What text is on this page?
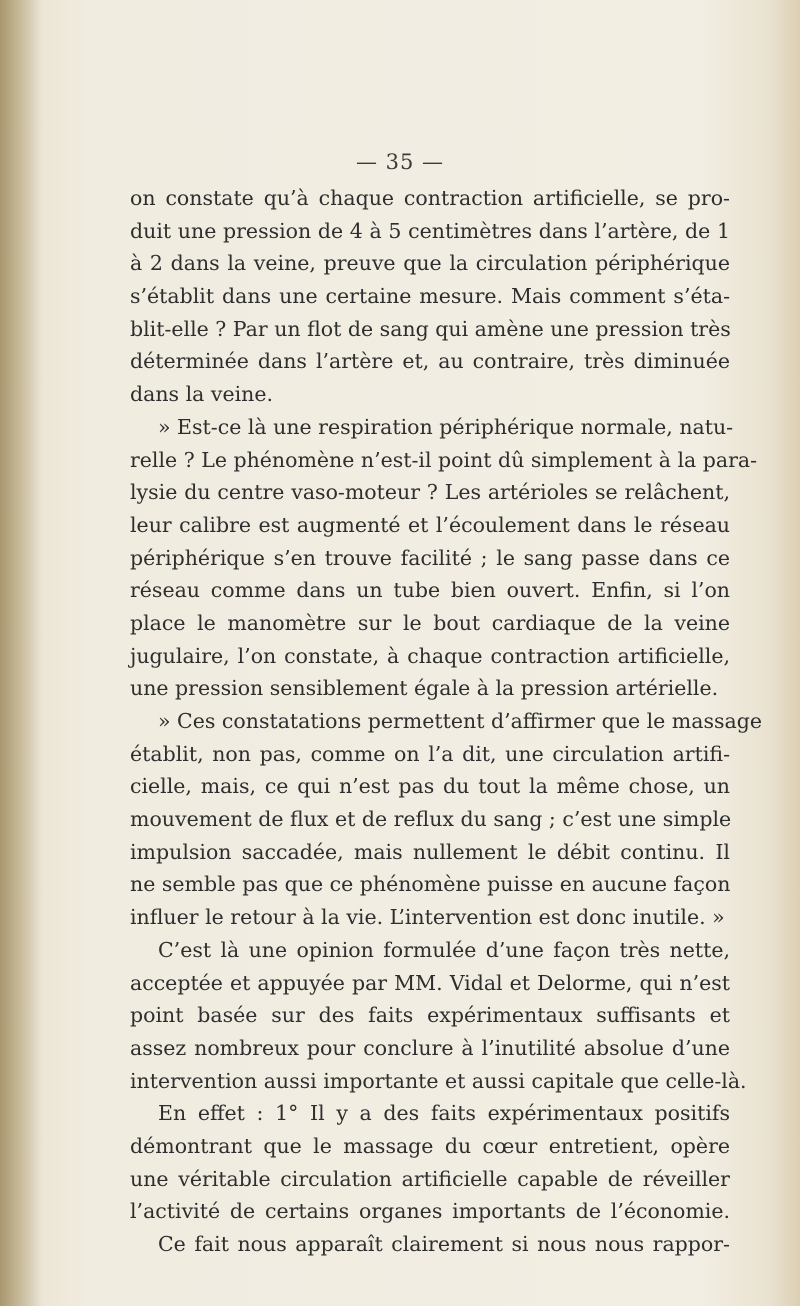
— 35 —
on constate qu’à chaque contraction artificielle, se pro-
duit une pression de 4 à 5 centimètres dans l’artère, de 1
à 2 dans la veine, preuve que la circulation périphérique
s’établit dans une certaine mesure. Mais comment s’éta-
blit-elle ? Par un flot de sang qui amène une pression très
déterminée dans l’artère et, au contraire, très diminuée
dans la veine.
» Est-ce là une respiration périphérique normale, natu-
relle ? Le phénomène n’est-il point dû simplement à la para-
lysie du centre vaso-moteur ? Les artérioles se relâchent,
leur calibre est augmenté et l’écoulement dans le réseau
périphérique s’en trouve facilité ; le sang passe dans ce
réseau comme dans un tube bien ouvert. Enfin, si l’on
place le manomètre sur le bout cardiaque de la veine
jugulaire, l’on constate, à chaque contraction artificielle,
une pression sensiblement égale à la pression artérielle.
» Ces constatations permettent d’affirmer que le massage
établit, non pas, comme on l’a dit, une circulation artifi-
cielle, mais, ce qui n’est pas du tout la même chose, un
mouvement de flux et de reflux du sang ; c’est une simple
impulsion saccadée, mais nullement le débit continu. Il
ne semble pas que ce phénomène puisse en aucune façon
influer le retour à la vie. L’intervention est donc inutile. »
C’est là une opinion formulée d’une façon très nette,
acceptée et appuyée par MM. Vidal et Delorme, qui n’est
point basée sur des faits expérimentaux suffisants et
assez nombreux pour conclure à l’inutilité absolue d’une
intervention aussi importante et aussi capitale que celle-là.
En effet : 1° Il y a des faits expérimentaux positifs
démontrant que le massage du cœur entretient, opère
une véritable circulation artificielle capable de réveiller
l’activité de certains organes importants de l’économie.
Ce fait nous apparaît clairement si nous nous rappor-
